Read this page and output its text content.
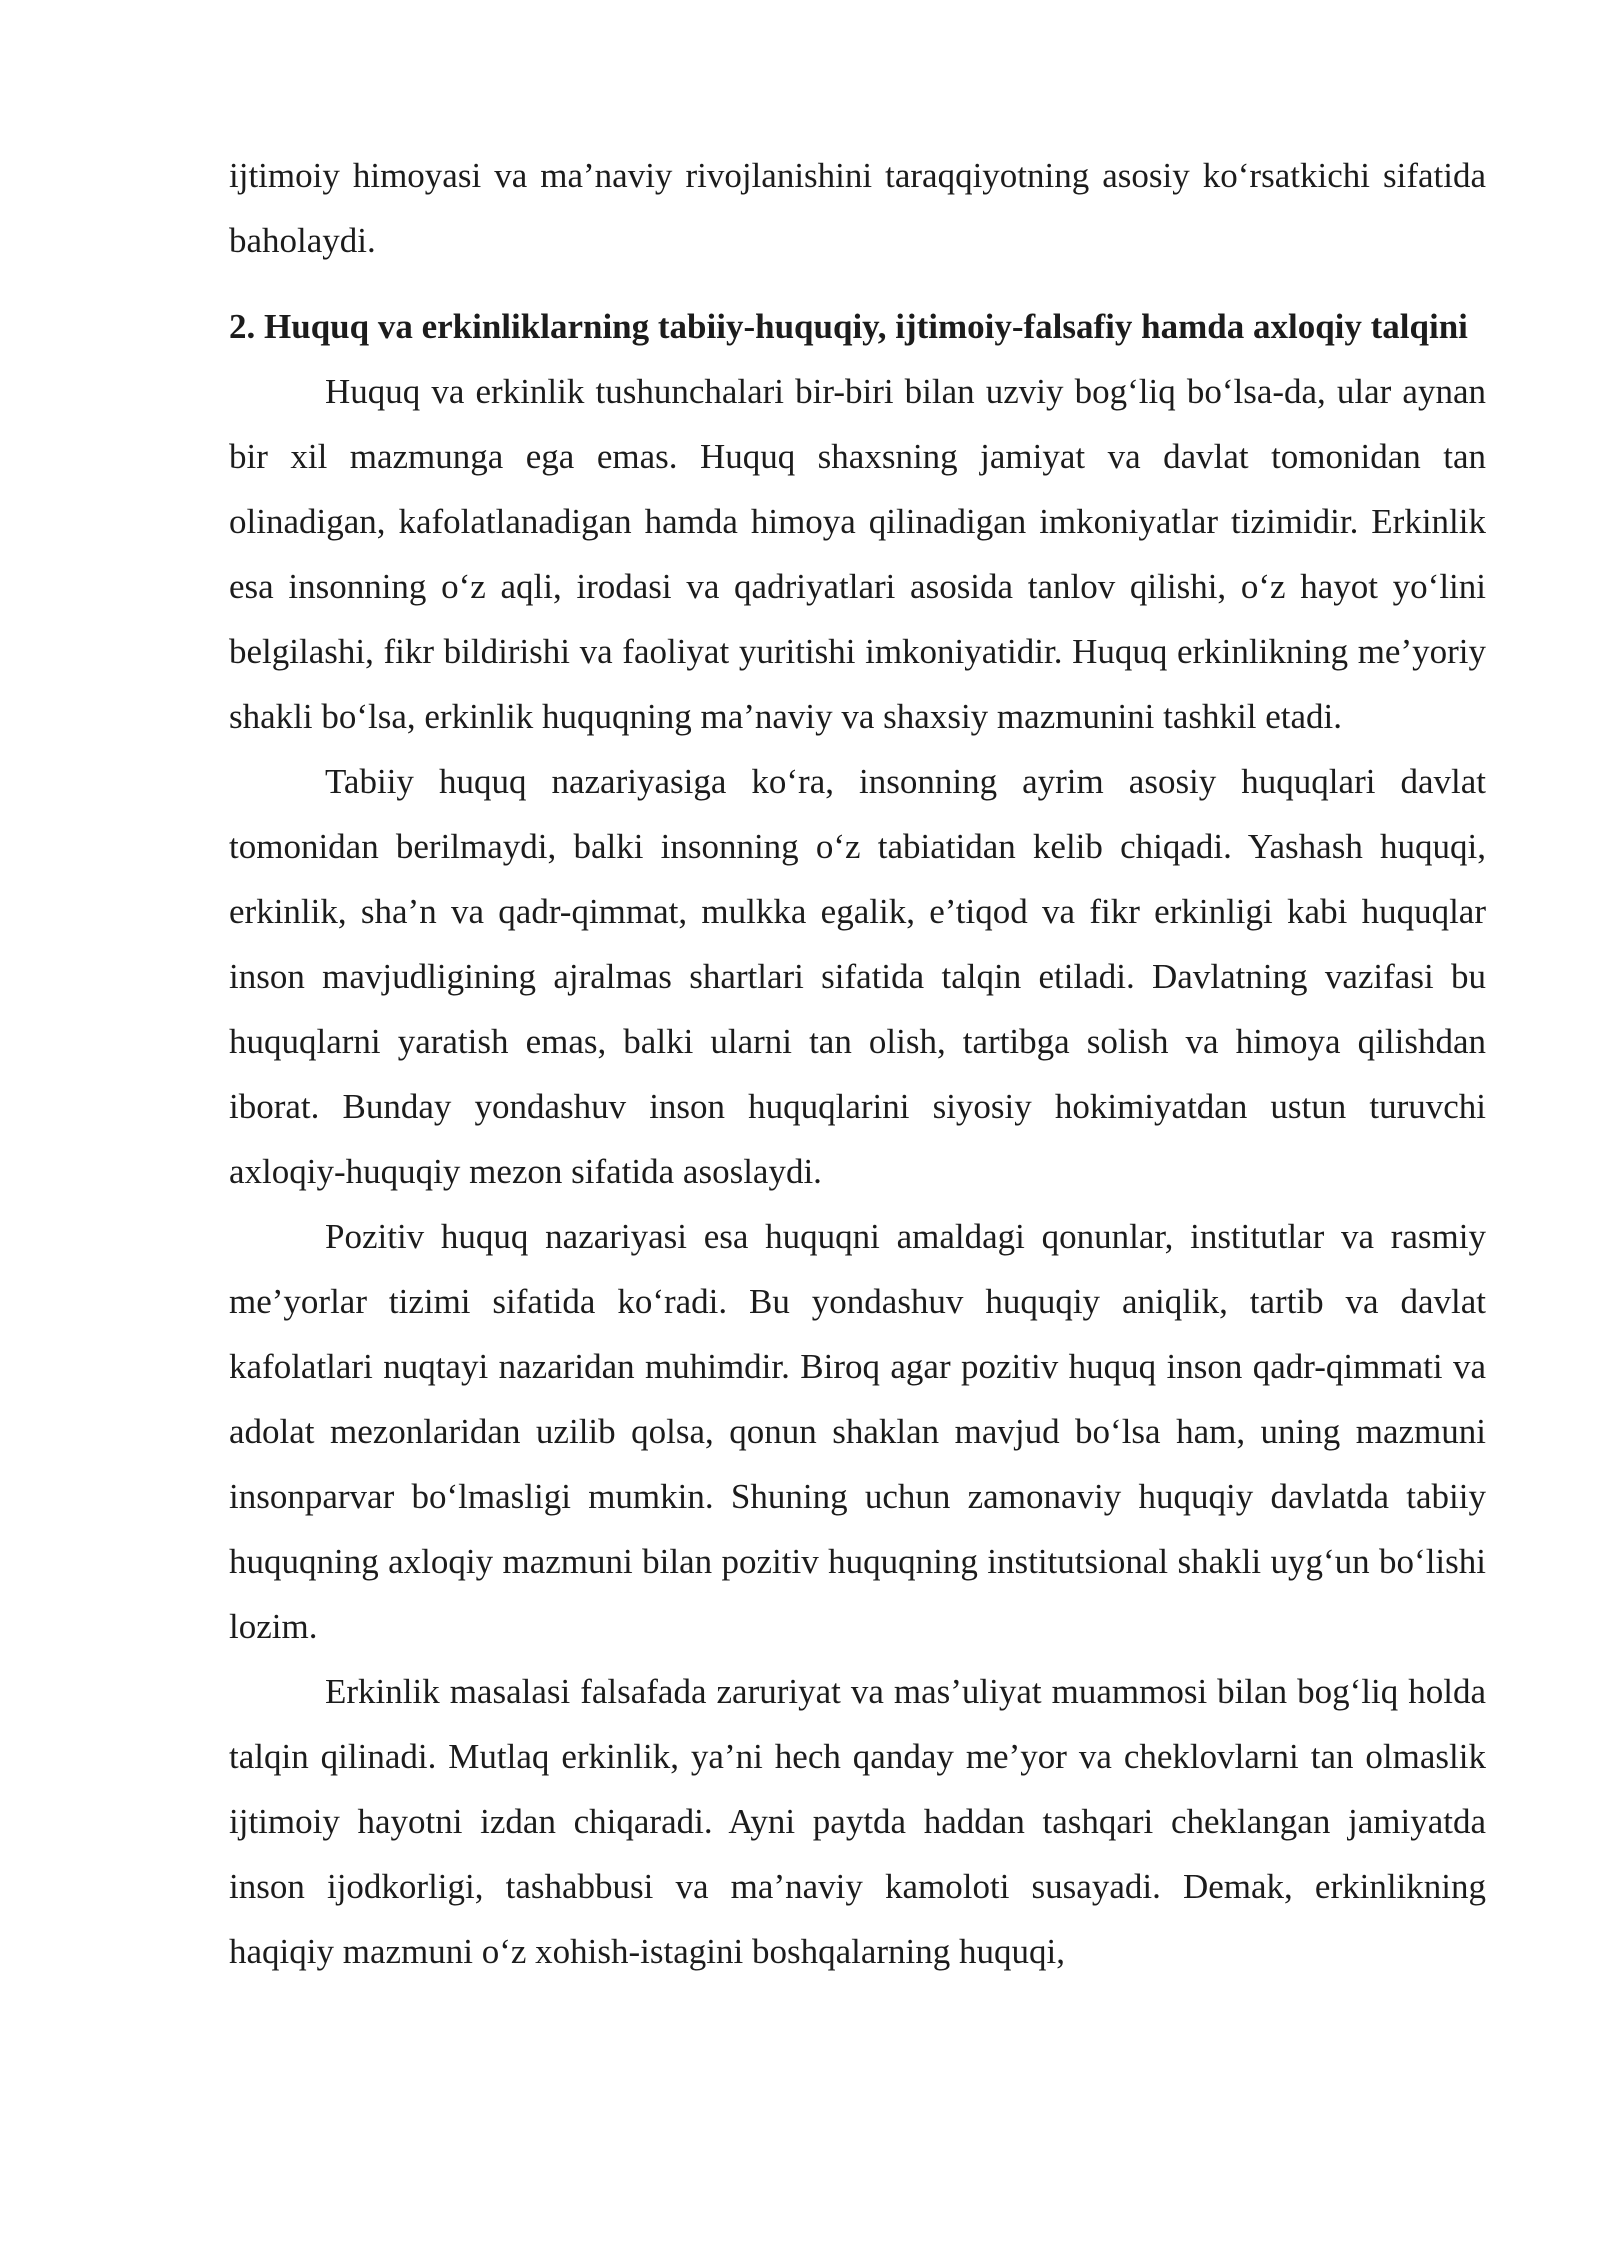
ijtimoiy himoyasi va ma’naviy rivojlanishini taraqqiyotning asosiy ko‘rsatkichi sifatida baholaydi.

2. Huquq va erkinliklarning tabiiy-huquqiy, ijtimoiy-falsafiy hamda axloqiy talqini

Huquq va erkinlik tushunchalari bir-biri bilan uzviy bog‘liq bo‘lsa-da, ular aynan bir xil mazmunga ega emas. Huquq shaxsning jamiyat va davlat tomonidan tan olinadigan, kafolatlanadigan hamda himoya qilinadigan imkoniyatlar tizimidir. Erkinlik esa insonning o‘z aqli, irodasi va qadriyatlari asosida tanlov qilishi, o‘z hayot yo‘lini belgilashi, fikr bildirishi va faoliyat yuritishi imkoniyatidir. Huquq erkinlikning me’yoriy shakli bo‘lsa, erkinlik huquqning ma’naviy va shaxsiy mazmunini tashkil etadi.

Tabiiy huquq nazariyasiga ko‘ra, insonning ayrim asosiy huquqlari davlat tomonidan berilmaydi, balki insonning o‘z tabiatidan kelib chiqadi. Yashash huquqi, erkinlik, sha’n va qadr-qimmat, mulkka egalik, e’tiqod va fikr erkinligi kabi huquqlar inson mavjudligining ajralmas shartlari sifatida talqin etiladi. Davlatning vazifasi bu huquqlarni yaratish emas, balki ularni tan olish, tartibga solish va himoya qilishdan iborat. Bunday yondashuv inson huquqlarini siyosiy hokimiyatdan ustun turuvchi axloqiy-huquqiy mezon sifatida asoslaydi.

Pozitiv huquq nazariyasi esa huquqni amaldagi qonunlar, institutlar va rasmiy me’yorlar tizimi sifatida ko‘radi. Bu yondashuv huquqiy aniqlik, tartib va davlat kafolatlari nuqtayi nazaridan muhimdir. Biroq agar pozitiv huquq inson qadr-qimmati va adolat mezonlaridan uzilib qolsa, qonun shaklan mavjud bo‘lsa ham, uning mazmuni insonparvar bo‘lmasligi mumkin. Shuning uchun zamonaviy huquqiy davlatda tabiiy huquqning axloqiy mazmuni bilan pozitiv huquqning institutsional shakli uyg‘un bo‘lishi lozim.

Erkinlik masalasi falsafada zaruriyat va mas’uliyat muammosi bilan bog‘liq holda talqin qilinadi. Mutlaq erkinlik, ya’ni hech qanday me’yor va cheklovlarni tan olmaslik ijtimoiy hayotni izdan chiqaradi. Ayni paytda haddan tashqari cheklangan jamiyatda inson ijodkorligi, tashabbusi va ma’naviy kamoloti susayadi. Demak, erkinlikning haqiqiy mazmuni o‘z xohish-istagini boshqalarning huquqi,
